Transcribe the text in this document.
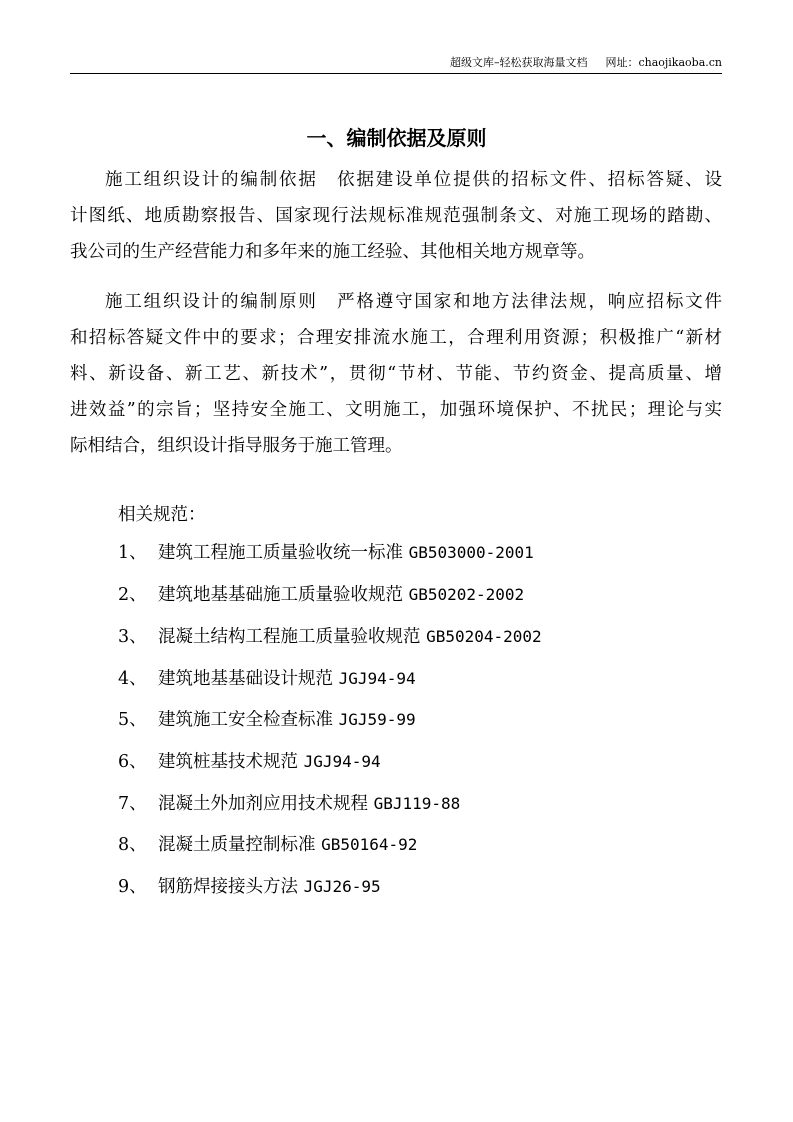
超级文库–轻松获取海量文档 网址：chaojikaoba.cn
一、编制依据及原则
施工组织设计的编制依据　依据建设单位提供的招标文件、招标答疑、设
计图纸、地质勘察报告、国家现行法规标准规范强制条文、对施工现场的踏勘、
我公司的生产经营能力和多年来的施工经验、其他相关地方规章等。
施工组织设计的编制原则　严格遵守国家和地方法律法规，响应招标文件
和招标答疑文件中的要求；合理安排流水施工，合理利用资源；积极推广“新材
料、新设备、新工艺、新技术”，贯彻“节材、节能、节约资金、提高质量、增
进效益”的宗旨；坚持安全施工、文明施工，加强环境保护、不扰民；理论与实
际相结合，组织设计指导服务于施工管理。
相关规范：
1、 建筑工程施工质量验收统一标准 GB503000-2001
2、 建筑地基基础施工质量验收规范 GB50202-2002
3、 混凝土结构工程施工质量验收规范 GB50204-2002
4、 建筑地基基础设计规范 JGJ94-94
5、 建筑施工安全检查标准 JGJ59-99
6、 建筑桩基技术规范 JGJ94-94
7、 混凝土外加剂应用技术规程 GBJ119-88
8、 混凝土质量控制标准 GB50164-92
9、 钢筋焊接接头方法 JGJ26-95
